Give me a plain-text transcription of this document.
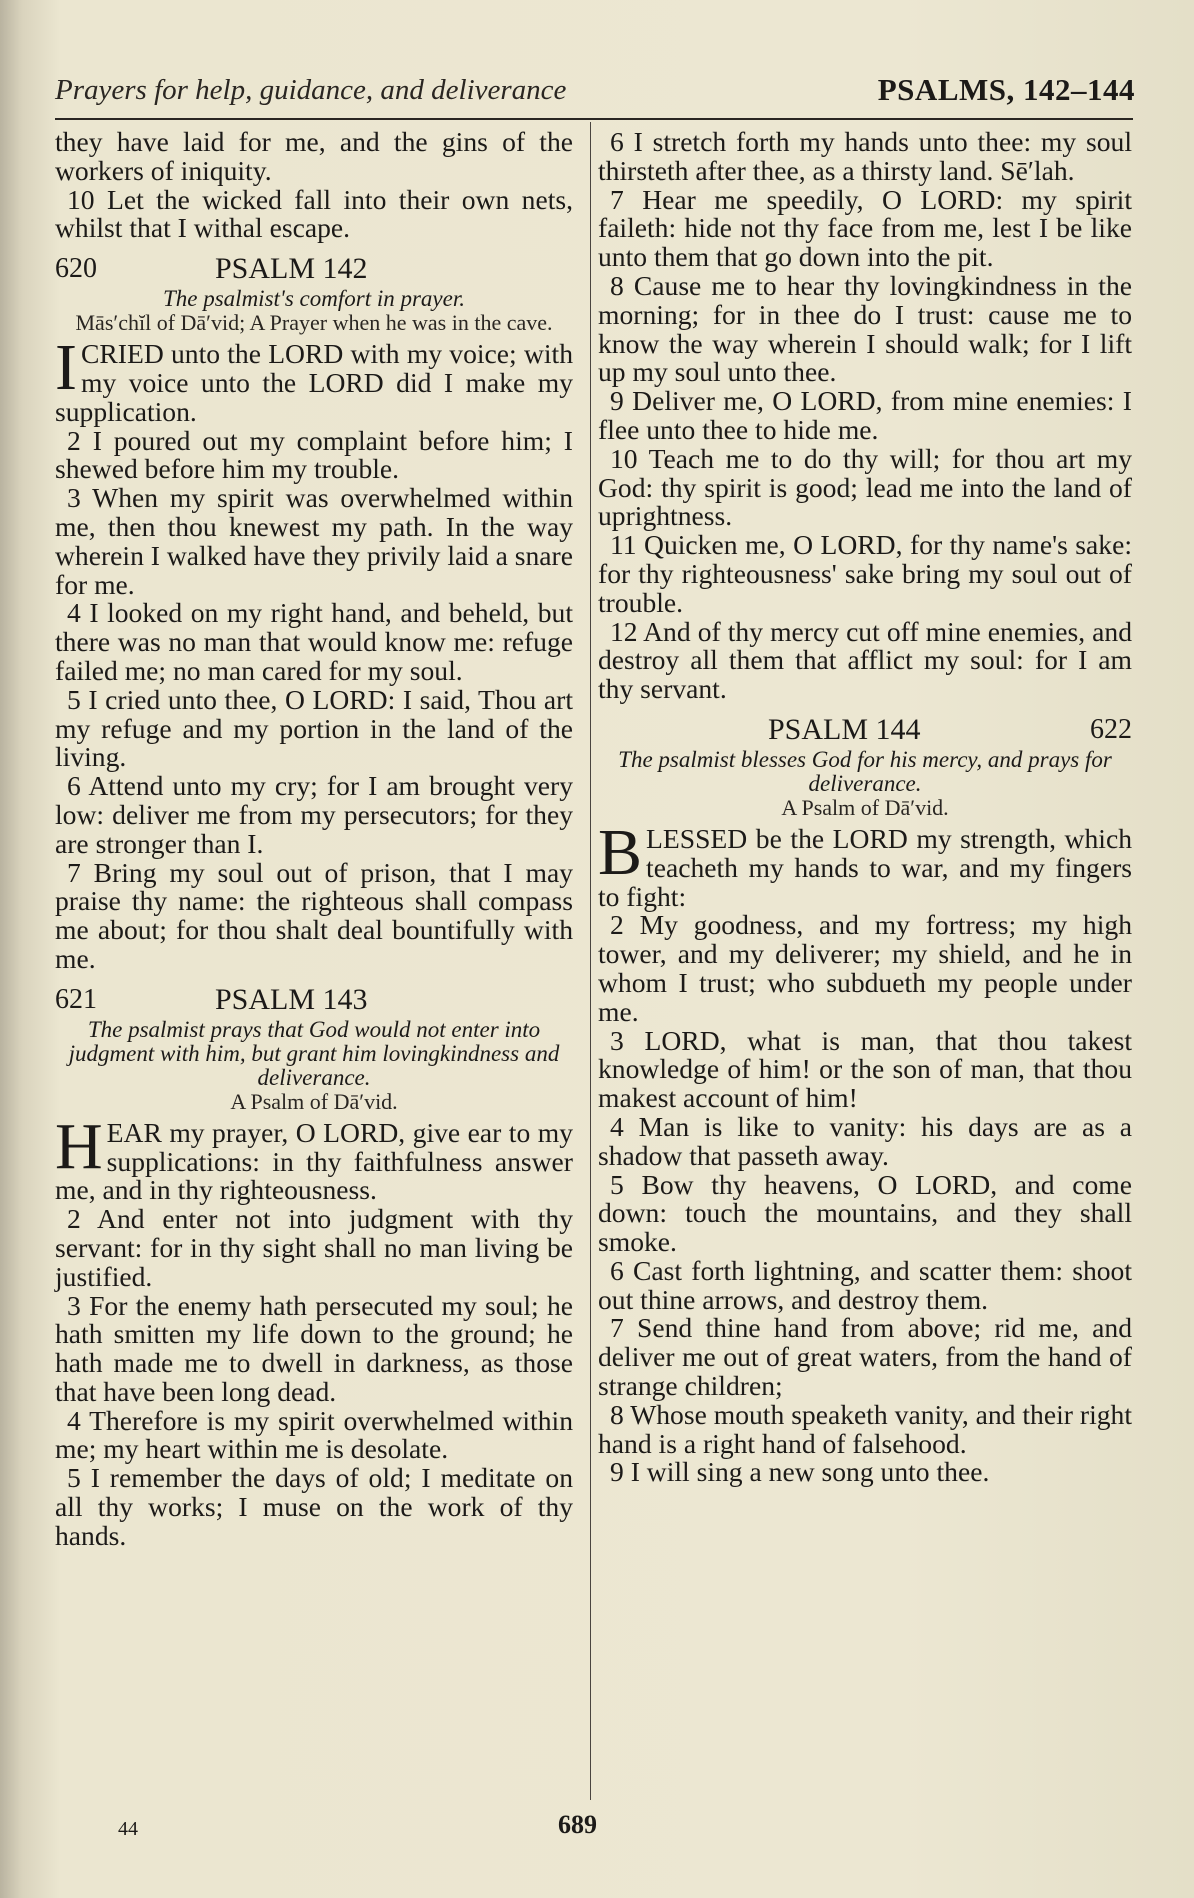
Prayers for help, guidance, and deliverance	PSALMS, 142–144

they have laid for me, and the gins of the workers of iniquity.

10 Let the wicked fall into their own nets, whilst that I withal escape.

620	PSALM 142

The psalmist's comfort in prayer.

Mās′chĭl of Dā′vid; A Prayer when he was in the cave.

ICRIED unto the LORD with my voice; with my voice unto the LORD did I make my supplication.

2 I poured out my complaint before him; I shewed before him my trouble.

3 When my spirit was overwhelmed within me, then thou knewest my path. In the way wherein I walked have they privily laid a snare for me.

4 I looked on my right hand, and beheld, but there was no man that would know me: refuge failed me; no man cared for my soul.

5 I cried unto thee, O LORD: I said, Thou art my refuge and my portion in the land of the living.

6 Attend unto my cry; for I am brought very low: deliver me from my persecutors; for they are stronger than I.

7 Bring my soul out of prison, that I may praise thy name: the righteous shall compass me about; for thou shalt deal bountifully with me.

621	PSALM 143

The psalmist prays that God would not enter into judgment with him, but grant him lovingkindness and deliverance.

A Psalm of Dā′vid.

HEAR my prayer, O LORD, give ear to my supplications: in thy faithfulness answer me, and in thy righteousness.

2 And enter not into judgment with thy servant: for in thy sight shall no man living be justified.

3 For the enemy hath persecuted my soul; he hath smitten my life down to the ground; he hath made me to dwell in darkness, as those that have been long dead.

4 Therefore is my spirit overwhelmed within me; my heart within me is desolate.

5 I remember the days of old; I meditate on all thy works; I muse on the work of thy hands.

6 I stretch forth my hands unto thee: my soul thirsteth after thee, as a thirsty land. Sē′lah.

7 Hear me speedily, O LORD: my spirit faileth: hide not thy face from me, lest I be like unto them that go down into the pit.

8 Cause me to hear thy lovingkindness in the morning; for in thee do I trust: cause me to know the way wherein I should walk; for I lift up my soul unto thee.

9 Deliver me, O LORD, from mine enemies: I flee unto thee to hide me.

10 Teach me to do thy will; for thou art my God: thy spirit is good; lead me into the land of uprightness.

11 Quicken me, O LORD, for thy name's sake: for thy righteousness' sake bring my soul out of trouble.

12 And of thy mercy cut off mine enemies, and destroy all them that afflict my soul: for I am thy servant.

PSALM 144	622

The psalmist blesses God for his mercy, and prays for deliverance.

A Psalm of Dā′vid.

BLESSED be the LORD my strength, which teacheth my hands to war, and my fingers to fight:

2 My goodness, and my fortress; my high tower, and my deliverer; my shield, and he in whom I trust; who subdueth my people under me.

3 LORD, what is man, that thou takest knowledge of him! or the son of man, that thou makest account of him!

4 Man is like to vanity: his days are as a shadow that passeth away.

5 Bow thy heavens, O LORD, and come down: touch the mountains, and they shall smoke.

6 Cast forth lightning, and scatter them: shoot out thine arrows, and destroy them.

7 Send thine hand from above; rid me, and deliver me out of great waters, from the hand of strange children;

8 Whose mouth speaketh vanity, and their right hand is a right hand of falsehood.

9 I will sing a new song unto thee.

44	689
